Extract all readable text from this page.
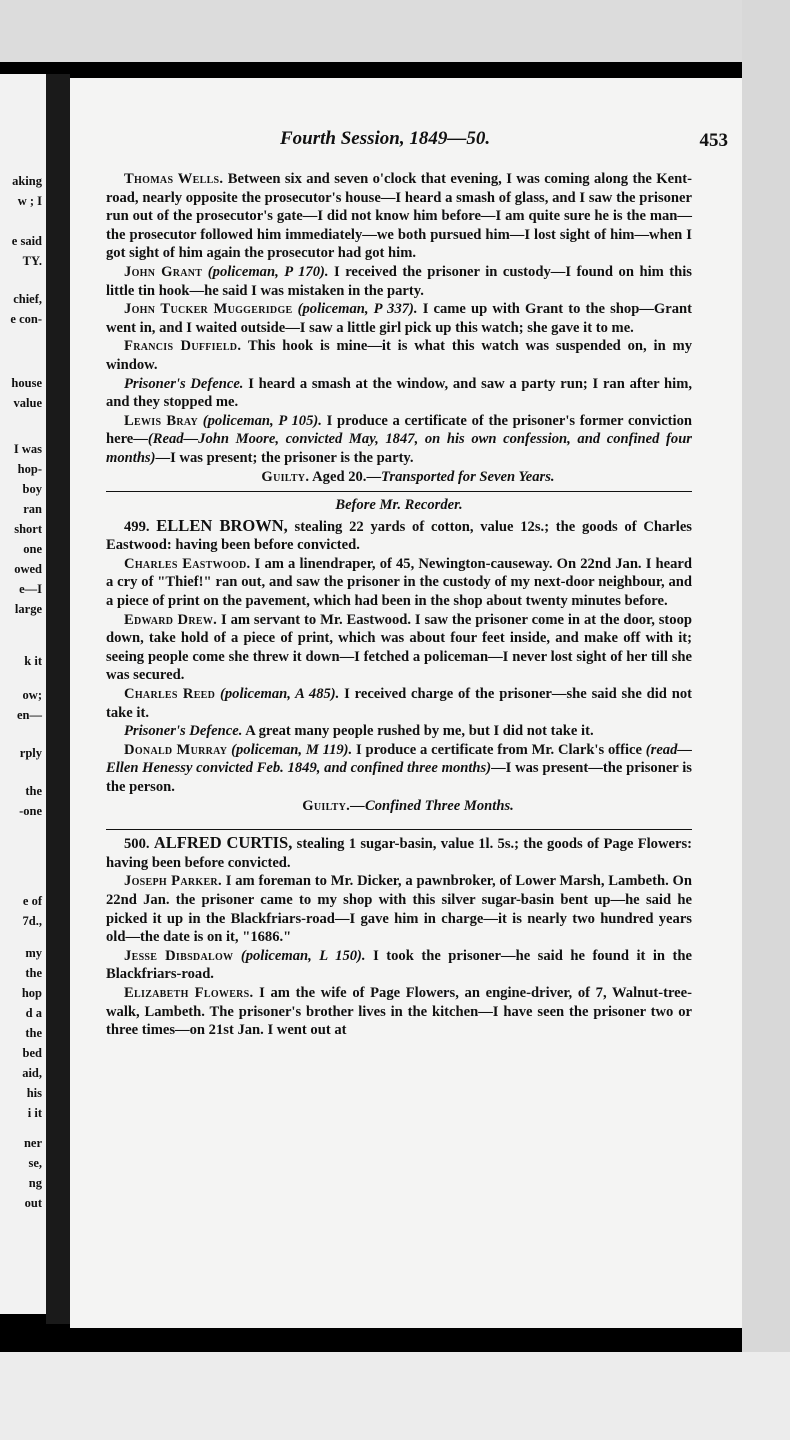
aking
w ; I
e said
TY.
chief,
e con-
house
value
I was
hop-
boy
ran
short
one
owed
e—I
large
k it
ow;
en—
rply
the
-one
e of
7d.,
my
the
hop
d a
the
bed
aid,
his
i it
ner
se,
ng
out
Fourth Session, 1849—50.	453

Thomas Wells. Between six and seven o'clock that evening, I was coming along the Kent-road, nearly opposite the prosecutor's house—I heard a smash of glass, and I saw the prisoner run out of the prosecutor's gate—I did not know him before—I am quite sure he is the man—the prosecutor followed him immediately—we both pursued him—I lost sight of him—when I got sight of him again the prosecutor had got him.

John Grant (policeman, P 170). I received the prisoner in custody—I found on him this little tin hook—he said I was mistaken in the party.

John Tucker Muggeridge (policeman, P 337). I came up with Grant to the shop—Grant went in, and I waited outside—I saw a little girl pick up this watch; she gave it to me.

Francis Duffield. This hook is mine—it is what this watch was suspended on, in my window.

Prisoner's Defence. I heard a smash at the window, and saw a party run; I ran after him, and they stopped me.

Lewis Bray (policeman, P 105). I produce a certificate of the prisoner's former conviction here—(Read—John Moore, convicted May, 1847, on his own confession, and confined four months)—I was present; the prisoner is the party.

Guilty. Aged 20.—Transported for Seven Years.

Before Mr. Recorder.

499. ELLEN BROWN, stealing 22 yards of cotton, value 12s.; the goods of Charles Eastwood: having been before convicted.

Charles Eastwood. I am a linendraper, of 45, Newington-causeway. On 22nd Jan. I heard a cry of "Thief!" ran out, and saw the prisoner in the custody of my next-door neighbour, and a piece of print on the pavement, which had been in the shop about twenty minutes before.

Edward Drew. I am servant to Mr. Eastwood. I saw the prisoner come in at the door, stoop down, take hold of a piece of print, which was about four feet inside, and make off with it; seeing people come she threw it down—I fetched a policeman—I never lost sight of her till she was secured.

Charles Reed (policeman, A 485). I received charge of the prisoner—she said she did not take it.

Prisoner's Defence. A great many people rushed by me, but I did not take it.

Donald Murray (policeman, M 119). I produce a certificate from Mr. Clark's office (read—Ellen Henessy convicted Feb. 1849, and confined three months)—I was present—the prisoner is the person.

Guilty.—Confined Three Months.

500. ALFRED CURTIS, stealing 1 sugar-basin, value 1l. 5s.; the goods of Page Flowers: having been before convicted.

Joseph Parker. I am foreman to Mr. Dicker, a pawnbroker, of Lower Marsh, Lambeth. On 22nd Jan. the prisoner came to my shop with this silver sugar-basin bent up—he said he picked it up in the Blackfriars-road—I gave him in charge—it is nearly two hundred years old—the date is on it, "1686."

Jesse Dibsdalow (policeman, L 150). I took the prisoner—he said he found it in the Blackfriars-road.

Elizabeth Flowers. I am the wife of Page Flowers, an engine-driver, of 7, Walnut-tree-walk, Lambeth. The prisoner's brother lives in the kitchen—I have seen the prisoner two or three times—on 21st Jan. I went out at
